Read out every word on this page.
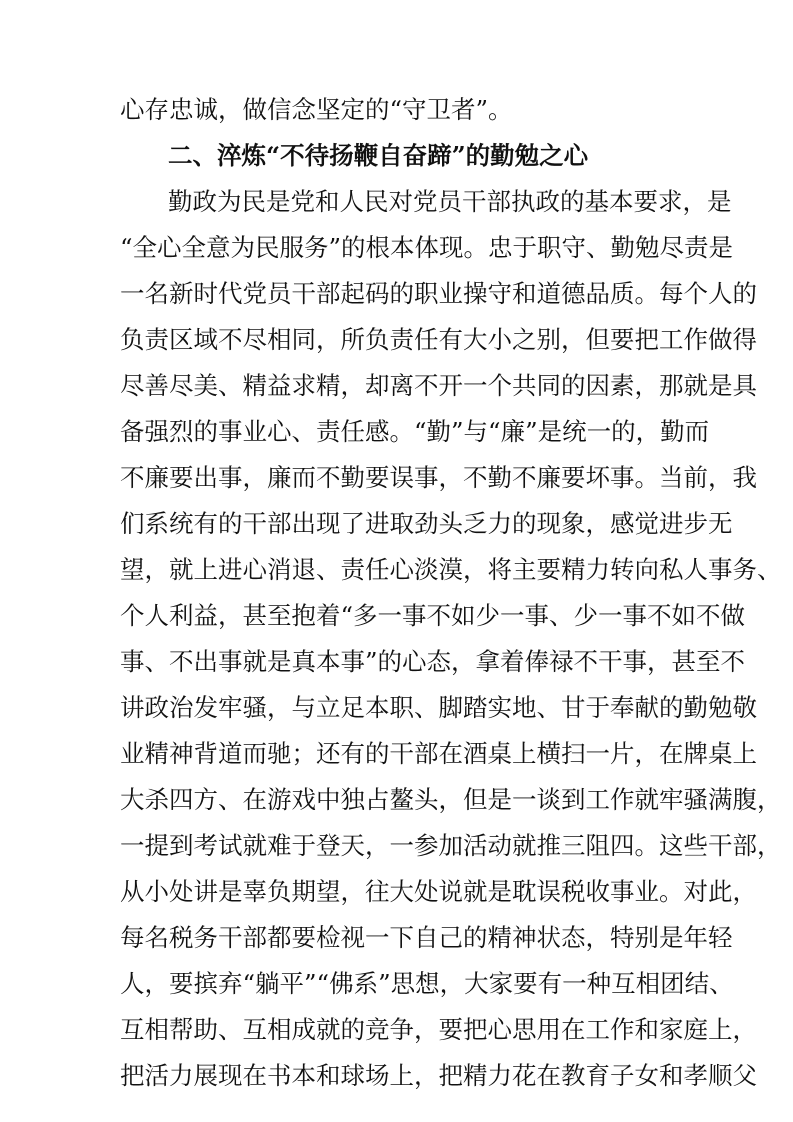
心存忠诚，做信念坚定的“守卫者”。
二、淬炼“不待扬鞭自奋蹄”的勤勉之心
勤政为民是党和人民对党员干部执政的基本要求，是
“全心全意为民服务”的根本体现。忠于职守、勤勉尽责是
一名新时代党员干部起码的职业操守和道德品质。每个人的
负责区域不尽相同，所负责任有大小之别，但要把工作做得
尽善尽美、精益求精，却离不开一个共同的因素，那就是具
备强烈的事业心、责任感。“勤”与“廉”是统一的，勤而
不廉要出事，廉而不勤要误事，不勤不廉要坏事。当前，我
们系统有的干部出现了进取劲头乏力的现象，感觉进步无
望，就上进心消退、责任心淡漠，将主要精力转向私人事务、
个人利益，甚至抱着“多一事不如少一事、少一事不如不做
事、不出事就是真本事”的心态，拿着俸禄不干事，甚至不
讲政治发牢骚，与立足本职、脚踏实地、甘于奉献的勤勉敬
业精神背道而驰；还有的干部在酒桌上横扫一片，在牌桌上
大杀四方、在游戏中独占鳌头，但是一谈到工作就牢骚满腹，
一提到考试就难于登天，一参加活动就推三阻四。这些干部，
从小处讲是辜负期望，往大处说就是耽误税收事业。对此，
每名税务干部都要检视一下自己的精神状态，特别是年轻
人，要摈弃“躺平”“佛系”思想，大家要有一种互相团结、
互相帮助、互相成就的竞争，要把心思用在工作和家庭上，
把活力展现在书本和球场上，把精力花在教育子女和孝顺父
